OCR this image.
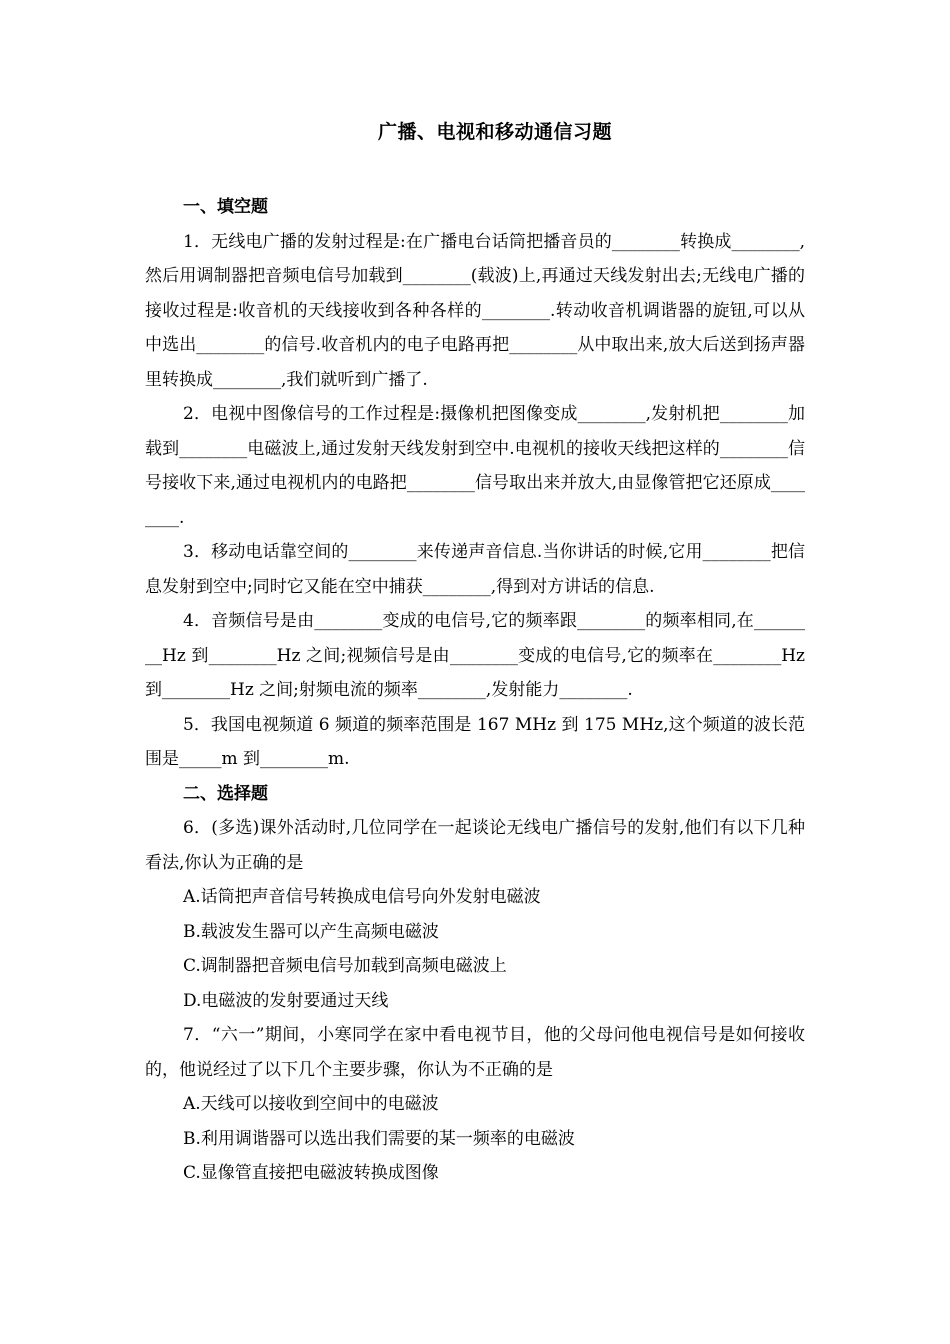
广播、电视和移动通信习题

一、填空题

1．无线电广播的发射过程是:在广播电台话筒把播音员的________转换成________,然后用调制器把音频电信号加载到________(载波)上,再通过天线发射出去;无线电广播的接收过程是:收音机的天线接收到各种各样的________.转动收音机调谐器的旋钮,可以从中选出________的信号.收音机内的电子电路再把________从中取出来,放大后送到扬声器里转换成________,我们就听到广播了.

2．电视中图像信号的工作过程是:摄像机把图像变成________,发射机把________加载到________电磁波上,通过发射天线发射到空中.电视机的接收天线把这样的________信号接收下来,通过电视机内的电路把________信号取出来并放大,由显像管把它还原成________.

3．移动电话靠空间的________来传递声音信息.当你讲话的时候,它用________把信息发射到空中;同时它又能在空中捕获________,得到对方讲话的信息.

4．音频信号是由________变成的电信号,它的频率跟________的频率相同,在________Hz 到________Hz 之间;视频信号是由________变成的电信号,它的频率在________Hz 到________Hz 之间;射频电流的频率________,发射能力________.

5．我国电视频道 6 频道的频率范围是 167 MHz 到 175 MHz,这个频道的波长范围是_____m 到________m.

二、选择题

6．(多选)课外活动时,几位同学在一起谈论无线电广播信号的发射,他们有以下几种看法,你认为正确的是

A.话筒把声音信号转换成电信号向外发射电磁波

B.载波发生器可以产生高频电磁波

C.调制器把音频电信号加载到高频电磁波上

D.电磁波的发射要通过天线

7．“六一”期间，小寒同学在家中看电视节目，他的父母问他电视信号是如何接收的，他说经过了以下几个主要步骤，你认为不正确的是

A.天线可以接收到空间中的电磁波

B.利用调谐器可以选出我们需要的某一频率的电磁波

C.显像管直接把电磁波转换成图像
